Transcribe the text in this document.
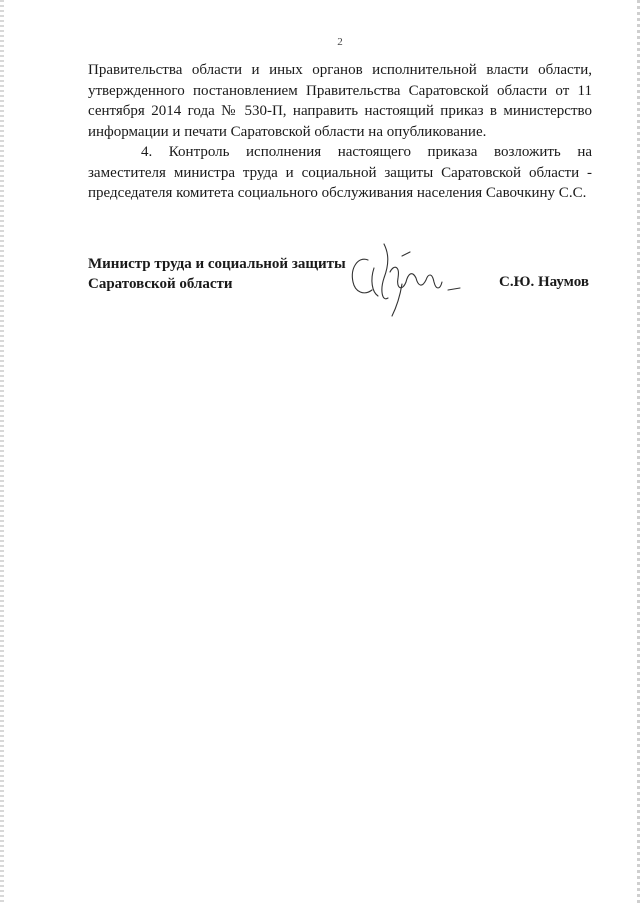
2

Правительства области и иных органов исполнительной власти области, утвержденного постановлением Правительства Саратовской области от 11 сентября 2014 года № 530-П, направить настоящий приказ в министерство информации и печати Саратовской области на опубликование.

4. Контроль исполнения настоящего приказа возложить на заместителя министра труда и социальной защиты Саратовской области - председателя комитета социального обслуживания населения Савочкину С.С.

Министр труда и социальной защиты
Саратовской области	С.Ю. Наумов
